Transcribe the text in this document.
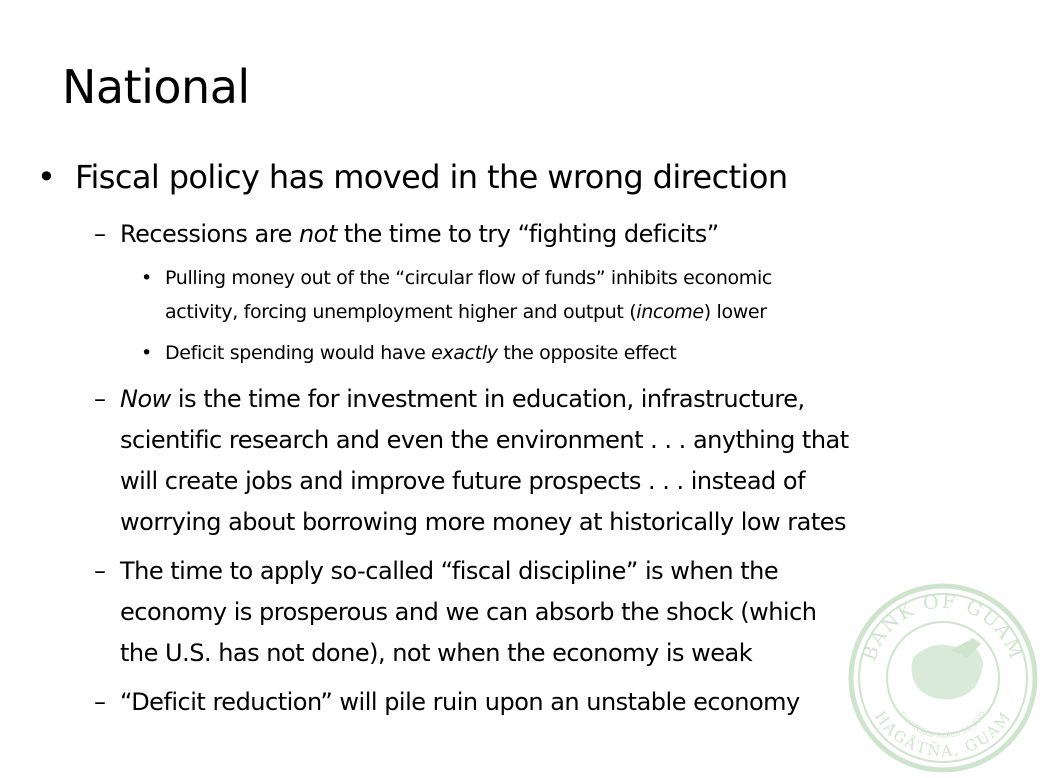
BANK OF GUAM
HAGÅTÑA, GUAM
CHARTERED MARCH 13, 1972
National
• Fiscal policy has moved in the wrong direction
– Recessions are not the time to try “fighting deficits”
• Pulling money out of the “circular flow of funds” inhibits economic
activity, forcing unemployment higher and output (income) lower
• Deficit spending would have exactly the opposite effect
– Now is the time for investment in education, infrastructure,
scientific research and even the environment . . . anything that
will create jobs and improve future prospects . . . instead of
worrying about borrowing more money at historically low rates
– The time to apply so-called “fiscal discipline” is when the
economy is prosperous and we can absorb the shock (which
the U.S. has not done), not when the economy is weak
– “Deficit reduction” will pile ruin upon an unstable economy
